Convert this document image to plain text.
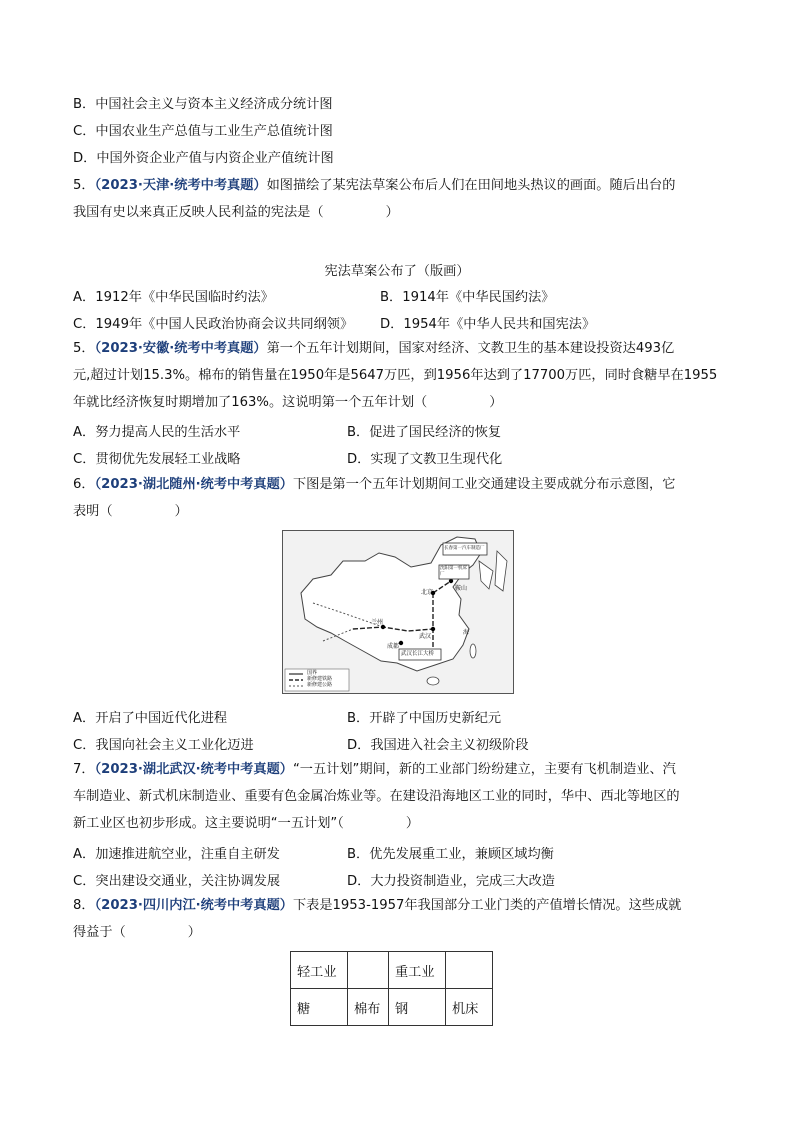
B．中国社会主义与资本主义经济成分统计图
C．中国农业生产总值与工业生产总值统计图
D．中国外资企业产值与内资企业产值统计图
5．（2023·天津·统考中考真题）如图描绘了某宪法草案公布后人们在田间地头热议的画面。随后出台的
我国有史以来真正反映人民利益的宪法是（	）
宪法草案公布了（版画）
A．1912年《中华民国临时约法》	B．1914年《中华民国约法》
C．1949年《中国人民政治协商会议共同纲领》 D．1954年《中华人民共和国宪法》
5．（2023·安徽·统考中考真题）第一个五年计划期间，国家对经济、文教卫生的基本建设投资达493亿
元,超过计划15.3%。棉布的销售量在1950年是5647万匹，到1956年达到了17700万匹，同时食糖早在1955
年就比经济恢复时期增加了163%。这说明第一个五年计划（	）
A．努力提高人民的生活水平	B．促进了国民经济的恢复
C．贯彻优先发展轻工业战略	D．实现了文教卫生现代化
6．（2023·湖北随州·统考中考真题）下图是第一个五年计划期间工业交通建设主要成就分布示意图，它
表明（	）
长春第一汽车制造厂
沈阳第一机床厂
武汉长江大桥
北京
武汉
兰州
成都
鞍山
海
国界
新修建铁路
新修建公路
A．开启了中国近代化进程	B．开辟了中国历史新纪元
C．我国向社会主义工业化迈进	D．我国进入社会主义初级阶段
7．（2023·湖北武汉·统考中考真题）“一五计划”期间，新的工业部门纷纷建立，主要有飞机制造业、汽
车制造业、新式机床制造业、重要有色金属冶炼业等。在建设沿海地区工业的同时，华中、西北等地区的
新工业区也初步形成。这主要说明“一五计划”（	）
A．加速推进航空业，注重自主研发	B．优先发展重工业，兼顾区域均衡
C．突出建设交通业，关注协调发展	D．大力投资制造业，完成三大改造
8．（2023·四川内江·统考中考真题）下表是1953-1957年我国部分工业门类的产值增长情况。这些成就
得益于（	）
轻工业		重工业	
糖	棉布	钢	机床
